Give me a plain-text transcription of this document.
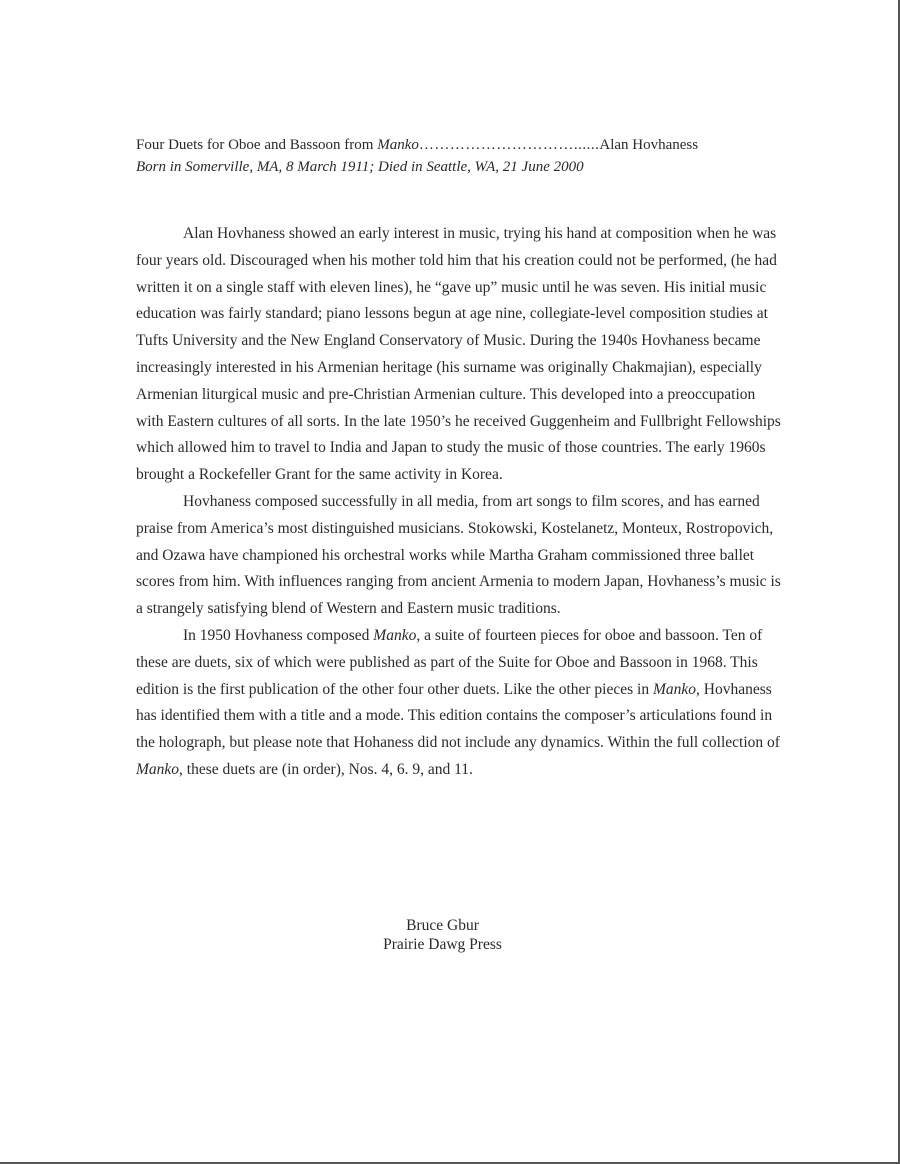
Four Duets for Oboe and Bassoon from Manko …………………………...... Alan Hovhaness
Born in Somerville, MA, 8 March 1911; Died in Seattle, WA, 21 June 2000

Alan Hovhaness showed an early interest in music, trying his hand at composition when he was four years old. Discouraged when his mother told him that his creation could not be performed, (he had written it on a single staff with eleven lines), he “gave up” music until he was seven. His initial music education was fairly standard; piano lessons begun at age nine, collegiate-level composition studies at Tufts University and the New England Conservatory of Music. During the 1940s Hovhaness became increasingly interested in his Armenian heritage (his surname was originally Chakmajian), especially Armenian liturgical music and pre-Christian Armenian culture. This developed into a preoccupation with Eastern cultures of all sorts. In the late 1950’s he received Guggenheim and Fullbright Fellowships which allowed him to travel to India and Japan to study the music of those countries. The early 1960s brought a Rockefeller Grant for the same activity in Korea.

Hovhaness composed successfully in all media, from art songs to film scores, and has earned praise from America’s most distinguished musicians. Stokowski, Kostelanetz, Monteux, Rostropovich, and Ozawa have championed his orchestral works while Martha Graham commissioned three ballet scores from him. With influences ranging from ancient Armenia to modern Japan, Hovhaness’s music is a strangely satisfying blend of Western and Eastern music traditions.

In 1950 Hovhaness composed Manko, a suite of fourteen pieces for oboe and bassoon. Ten of these are duets, six of which were published as part of the Suite for Oboe and Bassoon in 1968. This edition is the first publication of the other four other duets. Like the other pieces in Manko, Hovhaness has identified them with a title and a mode. This edition contains the composer’s articulations found in the holograph, but please note that Hohaness did not include any dynamics. Within the full collection of Manko, these duets are (in order), Nos. 4, 6. 9, and 11.

Bruce Gbur
Prairie Dawg Press
